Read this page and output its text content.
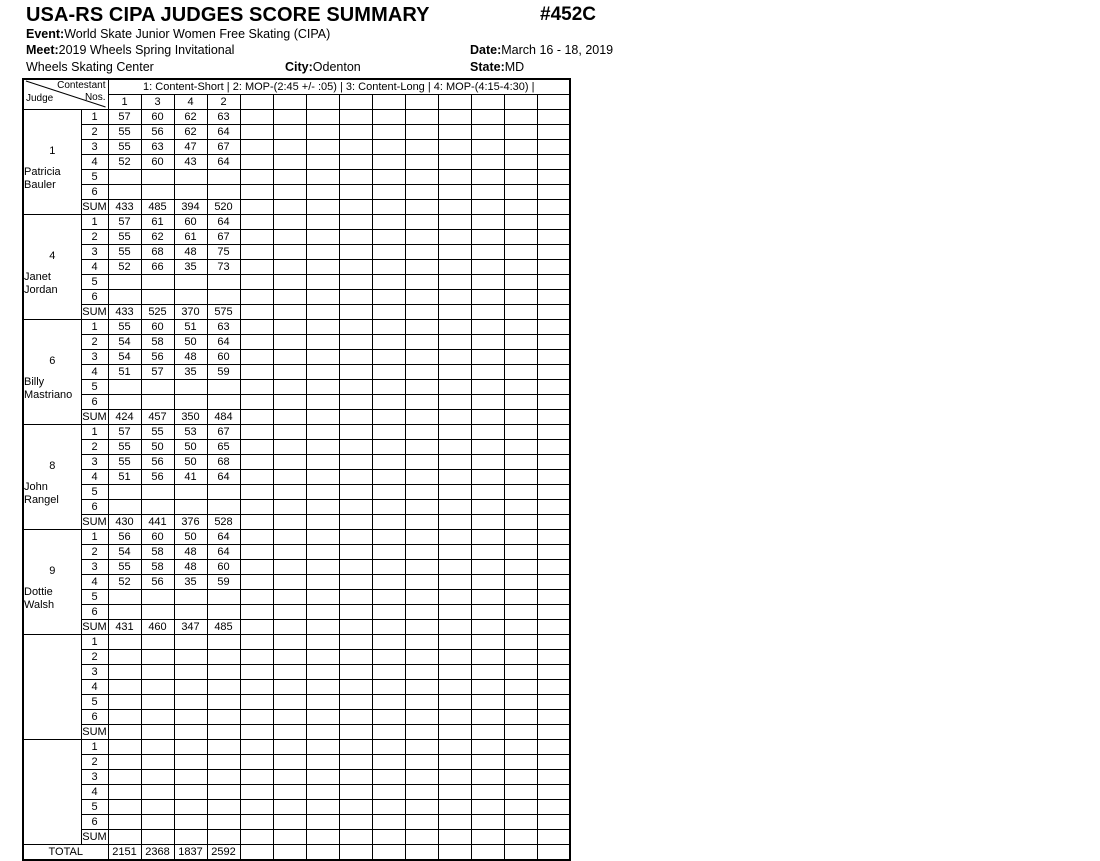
USA-RS CIPA JUDGES SCORE SUMMARY	#452C
Event:World Skate Junior Women Free Skating (CIPA)
Meet:2019 Wheels Spring Invitational
Wheels Skating Center	City:Odenton
Date:March 16 - 18, 2019
State:MD
Contestant
Nos.
Judge		1: Content-Short | 2: MOP-(2:45 +/- :05) | 3: Content-Long | 4: MOP-(4:15-4:30) |													
		1	3	4	2										

1
Patricia
Bauler	1	57	60	62	63										
	2	55	56	62	64										
	3	55	63	47	67										
	4	52	60	43	64										
	5														
	6														
	SUM	433	485	394	520										

4
Janet
Jordan	1	57	61	60	64										
	2	55	62	61	67										
	3	55	68	48	75										
	4	52	66	35	73										
	5														
	6														
	SUM	433	525	370	575										

6
Billy
Mastriano	1	55	60	51	63										
	2	54	58	50	64										
	3	54	56	48	60										
	4	51	57	35	59										
	5														
	6														
	SUM	424	457	350	484										

8
John
Rangel	1	57	55	53	67										
	2	55	50	50	65										
	3	55	56	50	68										
	4	51	56	41	64										
	5														
	6														
	SUM	430	441	376	528										

9
Dottie
Walsh	1	56	60	50	64										
	2	54	58	48	64										
	3	55	58	48	60										
	4	52	56	35	59										
	5														
	6														
	SUM	431	460	347	485										

	1														
	2														
	3														
	4														
	5														
	6														
	SUM														

	1														
	2														
	3														
	4														
	5														
	6														
	SUM														
TOTAL		2151	2368	1837	2592										
